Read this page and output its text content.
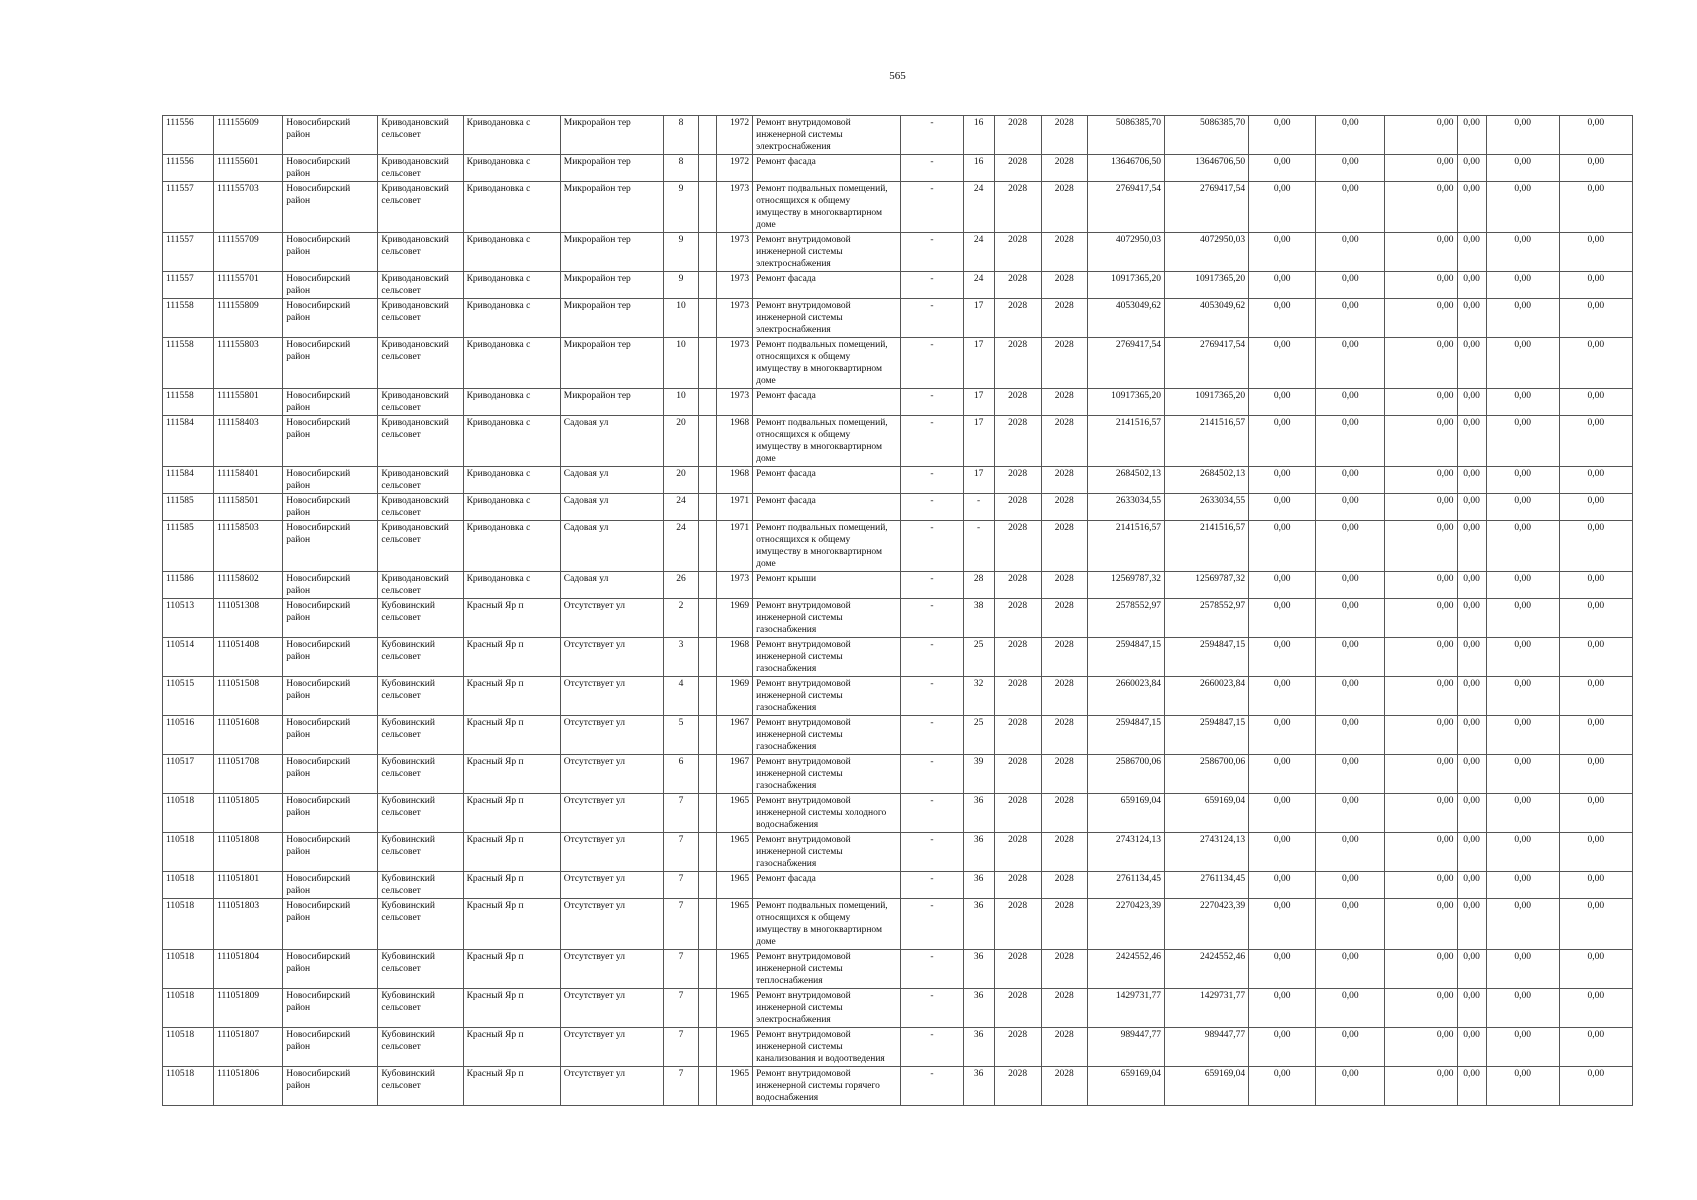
565
111556	111155609	Новосибирский район	Криводановский сельсовет	Криводановка с	Микрорайон тер	8		1972	Ремонт внутридомовой инженерной системы электроснабжения	-	16	2028	2028	5086385,70	5086385,70	0,00	0,00	0,00	0,00	0,00	0,00
111556	111155601	Новосибирский район	Криводановский сельсовет	Криводановка с	Микрорайон тер	8		1972	Ремонт фасада	-	16	2028	2028	13646706,50	13646706,50	0,00	0,00	0,00	0,00	0,00	0,00
111557	111155703	Новосибирский район	Криводановский сельсовет	Криводановка с	Микрорайон тер	9		1973	Ремонт подвальных помещений, относящихся к общему имуществу в многоквартирном доме	-	24	2028	2028	2769417,54	2769417,54	0,00	0,00	0,00	0,00	0,00	0,00
111557	111155709	Новосибирский район	Криводановский сельсовет	Криводановка с	Микрорайон тер	9		1973	Ремонт внутридомовой инженерной системы электроснабжения	-	24	2028	2028	4072950,03	4072950,03	0,00	0,00	0,00	0,00	0,00	0,00
111557	111155701	Новосибирский район	Криводановский сельсовет	Криводановка с	Микрорайон тер	9		1973	Ремонт фасада	-	24	2028	2028	10917365,20	10917365,20	0,00	0,00	0,00	0,00	0,00	0,00
111558	111155809	Новосибирский район	Криводановский сельсовет	Криводановка с	Микрорайон тер	10		1973	Ремонт внутридомовой инженерной системы электроснабжения	-	17	2028	2028	4053049,62	4053049,62	0,00	0,00	0,00	0,00	0,00	0,00
111558	111155803	Новосибирский район	Криводановский сельсовет	Криводановка с	Микрорайон тер	10		1973	Ремонт подвальных помещений, относящихся к общему имуществу в многоквартирном доме	-	17	2028	2028	2769417,54	2769417,54	0,00	0,00	0,00	0,00	0,00	0,00
111558	111155801	Новосибирский район	Криводановский сельсовет	Криводановка с	Микрорайон тер	10		1973	Ремонт фасада	-	17	2028	2028	10917365,20	10917365,20	0,00	0,00	0,00	0,00	0,00	0,00
111584	111158403	Новосибирский район	Криводановский сельсовет	Криводановка с	Садовая ул	20		1968	Ремонт подвальных помещений, относящихся к общему имуществу в многоквартирном доме	-	17	2028	2028	2141516,57	2141516,57	0,00	0,00	0,00	0,00	0,00	0,00
111584	111158401	Новосибирский район	Криводановский сельсовет	Криводановка с	Садовая ул	20		1968	Ремонт фасада	-	17	2028	2028	2684502,13	2684502,13	0,00	0,00	0,00	0,00	0,00	0,00
111585	111158501	Новосибирский район	Криводановский сельсовет	Криводановка с	Садовая ул	24		1971	Ремонт фасада	-	-	2028	2028	2633034,55	2633034,55	0,00	0,00	0,00	0,00	0,00	0,00
111585	111158503	Новосибирский район	Криводановский сельсовет	Криводановка с	Садовая ул	24		1971	Ремонт подвальных помещений, относящихся к общему имуществу в многоквартирном доме	-	-	2028	2028	2141516,57	2141516,57	0,00	0,00	0,00	0,00	0,00	0,00
111586	111158602	Новосибирский район	Криводановский сельсовет	Криводановка с	Садовая ул	26		1973	Ремонт крыши	-	28	2028	2028	12569787,32	12569787,32	0,00	0,00	0,00	0,00	0,00	0,00
110513	111051308	Новосибирский район	Кубовинский сельсовет	Красный Яр п	Отсутствует ул	2		1969	Ремонт внутридомовой инженерной системы газоснабжения	-	38	2028	2028	2578552,97	2578552,97	0,00	0,00	0,00	0,00	0,00	0,00
110514	111051408	Новосибирский район	Кубовинский сельсовет	Красный Яр п	Отсутствует ул	3		1968	Ремонт внутридомовой инженерной системы газоснабжения	-	25	2028	2028	2594847,15	2594847,15	0,00	0,00	0,00	0,00	0,00	0,00
110515	111051508	Новосибирский район	Кубовинский сельсовет	Красный Яр п	Отсутствует ул	4		1969	Ремонт внутридомовой инженерной системы газоснабжения	-	32	2028	2028	2660023,84	2660023,84	0,00	0,00	0,00	0,00	0,00	0,00
110516	111051608	Новосибирский район	Кубовинский сельсовет	Красный Яр п	Отсутствует ул	5		1967	Ремонт внутридомовой инженерной системы газоснабжения	-	25	2028	2028	2594847,15	2594847,15	0,00	0,00	0,00	0,00	0,00	0,00
110517	111051708	Новосибирский район	Кубовинский сельсовет	Красный Яр п	Отсутствует ул	6		1967	Ремонт внутридомовой инженерной системы газоснабжения	-	39	2028	2028	2586700,06	2586700,06	0,00	0,00	0,00	0,00	0,00	0,00
110518	111051805	Новосибирский район	Кубовинский сельсовет	Красный Яр п	Отсутствует ул	7		1965	Ремонт внутридомовой инженерной системы холодного водоснабжения	-	36	2028	2028	659169,04	659169,04	0,00	0,00	0,00	0,00	0,00	0,00
110518	111051808	Новосибирский район	Кубовинский сельсовет	Красный Яр п	Отсутствует ул	7		1965	Ремонт внутридомовой инженерной системы газоснабжения	-	36	2028	2028	2743124,13	2743124,13	0,00	0,00	0,00	0,00	0,00	0,00
110518	111051801	Новосибирский район	Кубовинский сельсовет	Красный Яр п	Отсутствует ул	7		1965	Ремонт фасада	-	36	2028	2028	2761134,45	2761134,45	0,00	0,00	0,00	0,00	0,00	0,00
110518	111051803	Новосибирский район	Кубовинский сельсовет	Красный Яр п	Отсутствует ул	7		1965	Ремонт подвальных помещений, относящихся к общему имуществу в многоквартирном доме	-	36	2028	2028	2270423,39	2270423,39	0,00	0,00	0,00	0,00	0,00	0,00
110518	111051804	Новосибирский район	Кубовинский сельсовет	Красный Яр п	Отсутствует ул	7		1965	Ремонт внутридомовой инженерной системы теплоснабжения	-	36	2028	2028	2424552,46	2424552,46	0,00	0,00	0,00	0,00	0,00	0,00
110518	111051809	Новосибирский район	Кубовинский сельсовет	Красный Яр п	Отсутствует ул	7		1965	Ремонт внутридомовой инженерной системы электроснабжения	-	36	2028	2028	1429731,77	1429731,77	0,00	0,00	0,00	0,00	0,00	0,00
110518	111051807	Новосибирский район	Кубовинский сельсовет	Красный Яр п	Отсутствует ул	7		1965	Ремонт внутридомовой инженерной системы канализования и водоотведения	-	36	2028	2028	989447,77	989447,77	0,00	0,00	0,00	0,00	0,00	0,00
110518	111051806	Новосибирский район	Кубовинский сельсовет	Красный Яр п	Отсутствует ул	7		1965	Ремонт внутридомовой инженерной системы горячего водоснабжения	-	36	2028	2028	659169,04	659169,04	0,00	0,00	0,00	0,00	0,00	0,00
